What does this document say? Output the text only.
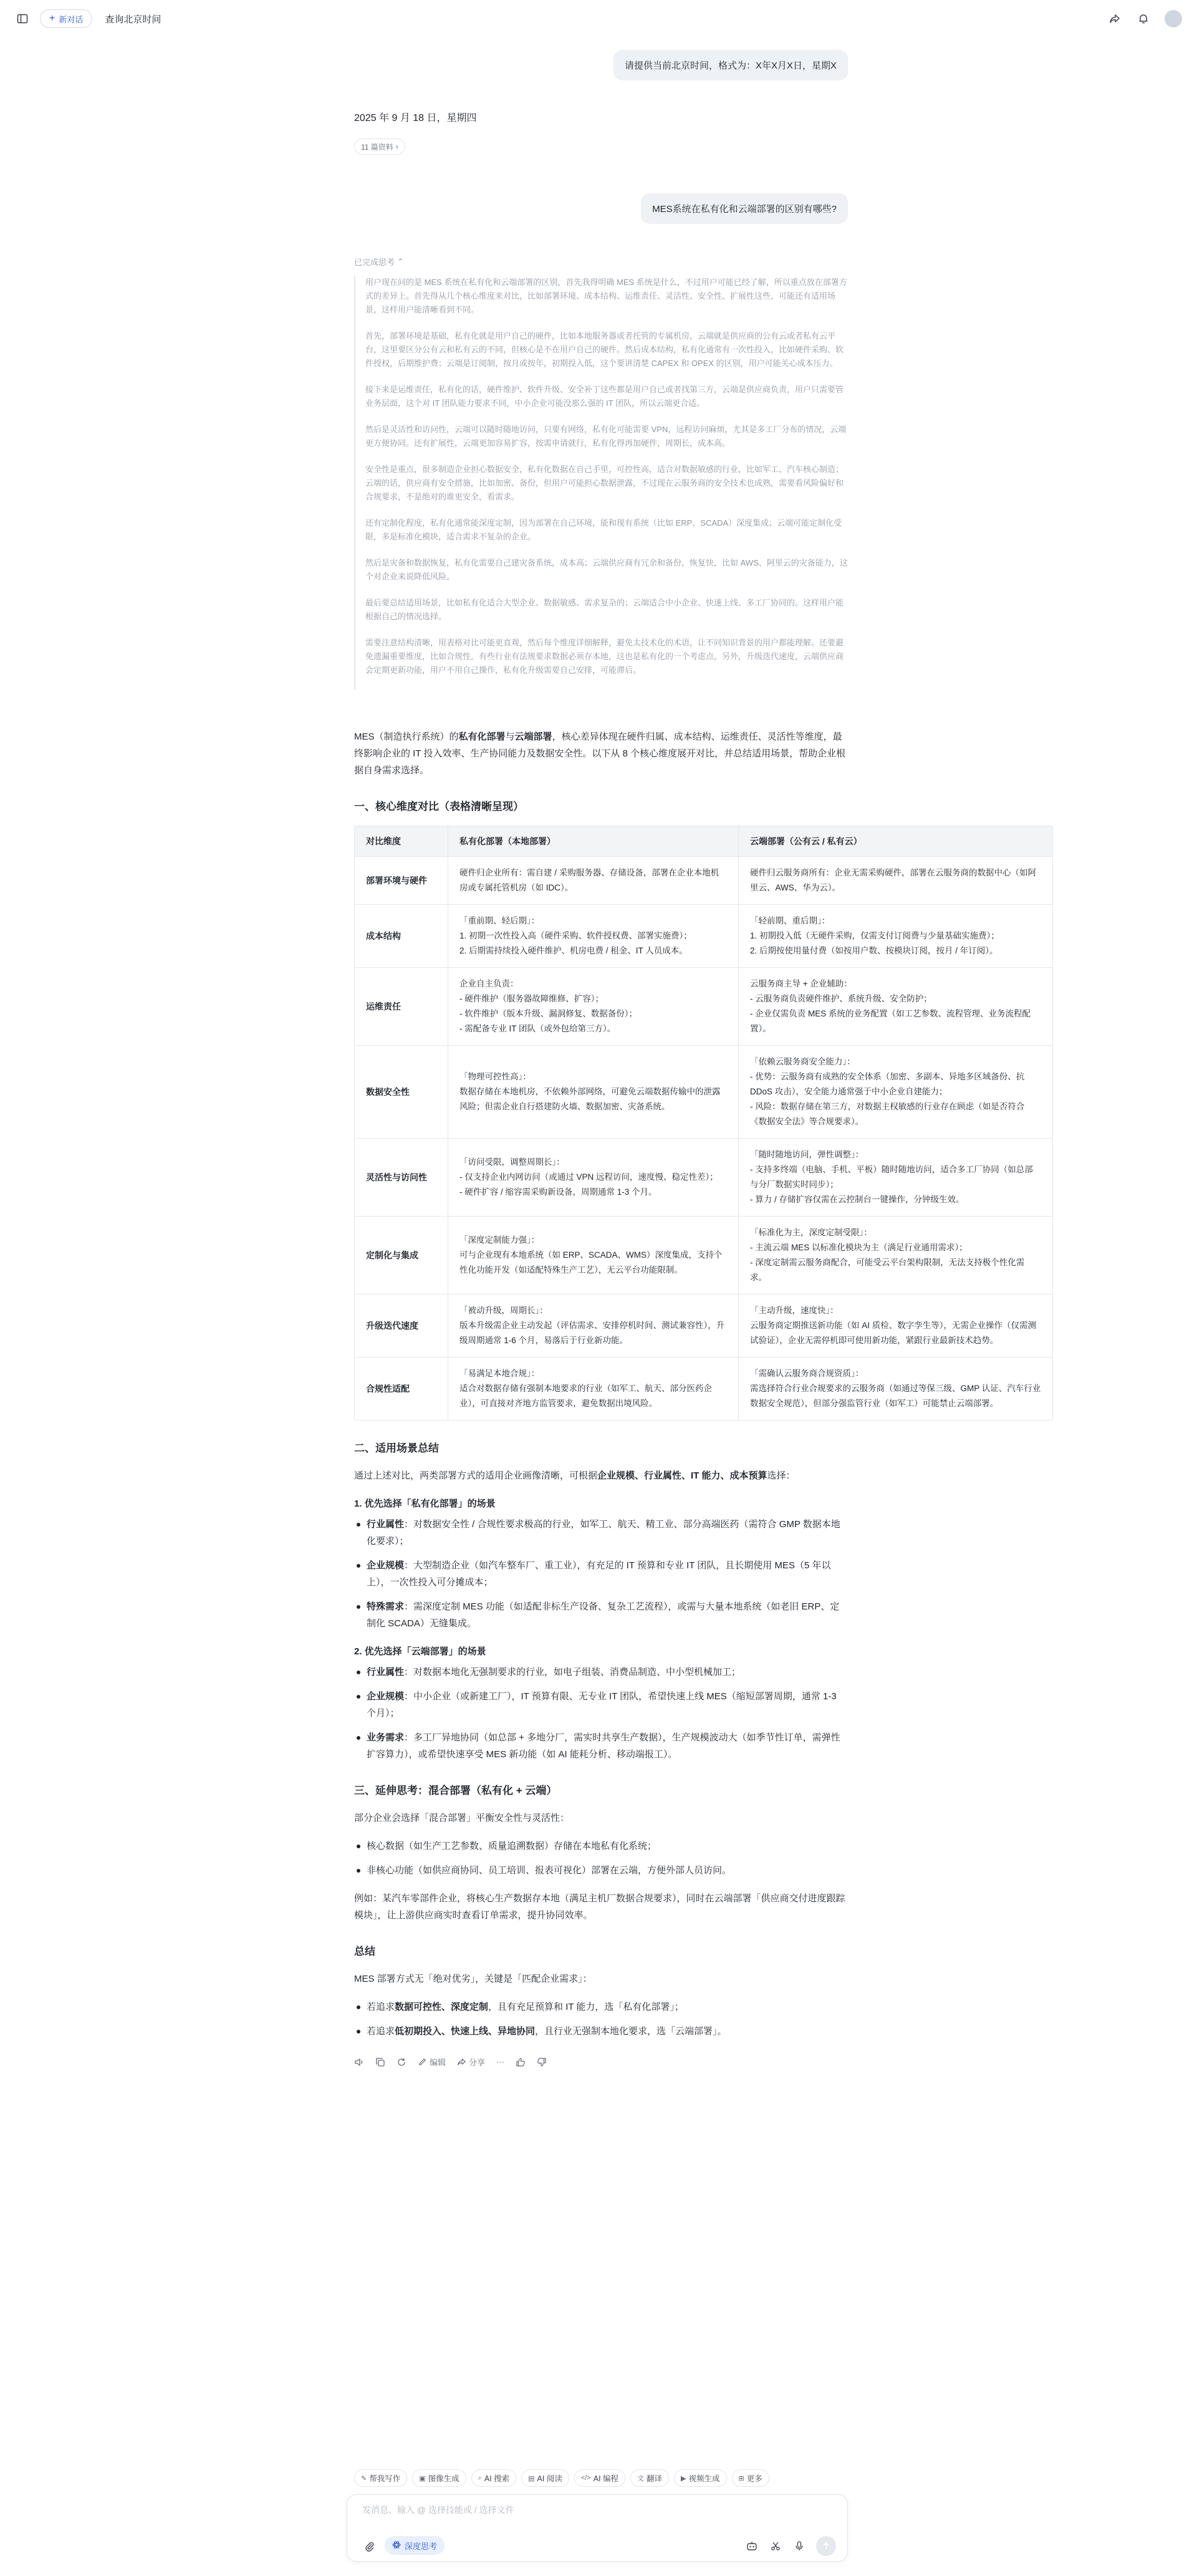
+ 新对话 查询北京时间
请提供当前北京时间，格式为：X年X月X日，星期X
2025 年 9 月 18 日，星期四
11 篇资料 ›
MES系统在私有化和云端部署的区别有哪些?
已完成思考 ⌃

用户现在问的是 MES 系统在私有化和云端部署的区别，首先我得明确 MES 系统是什么，不过用户可能已经了解，所以重点放在部署方式的差异上。首先得从几个核心维度来对比，比如部署环境、成本结构、运维责任、灵活性、安全性、扩展性这些，可能还有适用场景，这样用户能清晰看到不同。

首先，部署环境是基础，私有化就是用户自己的硬件，比如本地服务器或者托管的专属机房，云端就是供应商的公有云或者私有云平台，这里要区分公有云和私有云的不同，但核心是不在用户自己的硬件。然后成本结构，私有化通常有一次性投入，比如硬件采购、软件授权，后期维护费；云端是订阅制，按月或按年，初期投入低，这个要讲清楚 CAPEX 和 OPEX 的区别，用户可能关心成本压力。

接下来是运维责任，私有化的话，硬件维护、软件升级、安全补丁这些都是用户自己或者找第三方，云端是供应商负责，用户只需要管业务层面，这个对 IT 团队能力要求不同，中小企业可能没那么强的 IT 团队，所以云端更合适。

然后是灵活性和访问性，云端可以随时随地访问，只要有网络，私有化可能需要 VPN，远程访问麻烦，尤其是多工厂分布的情况，云端更方便协同。还有扩展性，云端更加容易扩容，按需申请就行，私有化得再加硬件，周期长，成本高。

安全性是重点，很多制造企业担心数据安全，私有化数据在自己手里，可控性高，适合对数据敏感的行业，比如军工、汽车核心制造；云端的话，供应商有安全措施，比如加密、备份，但用户可能担心数据泄露，不过现在云服务商的安全技术也成熟，需要看风险偏好和合规要求，不是绝对的谁更安全，看需求。

还有定制化程度，私有化通常能深度定制，因为部署在自己环境，能和现有系统（比如 ERP、SCADA）深度集成；云端可能定制化受限，多是标准化模块，适合需求不复杂的企业。

然后是灾备和数据恢复，私有化需要自己建灾备系统，成本高；云端供应商有冗余和备份，恢复快，比如 AWS、阿里云的灾备能力，这个对企业来说降低风险。

最后要总结适用场景，比如私有化适合大型企业、数据敏感、需求复杂的；云端适合中小企业、快速上线、多工厂协同的。这样用户能根据自己的情况选择。

需要注意结构清晰，用表格对比可能更直观，然后每个维度详细解释，避免太技术化的术语，让不同知识背景的用户都能理解。还要避免遗漏重要维度，比如合规性，有些行业有法规要求数据必须存本地，这也是私有化的一个考虑点。另外，升级迭代速度，云端供应商会定期更新功能，用户不用自己操作，私有化升级需要自己安排，可能滞后。

MES（制造执行系统）的私有化部署与云端部署，核心差异体现在硬件归属、成本结构、运维责任、灵活性等维度，最终影响企业的 IT 投入效率、生产协同能力及数据安全性。以下从 8 个核心维度展开对比，并总结适用场景，帮助企业根据自身需求选择。
一、核心维度对比（表格清晰呈现）
对比维度	私有化部署（本地部署）	云端部署（公有云 / 私有云）
部署环境与硬件	硬件归企业所有：需自建 / 采购服务器、存储设备，部署在企业本地机房或专属托管机房（如 IDC）。	硬件归云服务商所有：企业无需采购硬件，部署在云服务商的数据中心（如阿里云、AWS、华为云）。
成本结构	「重前期、轻后期」：
1. 初期一次性投入高（硬件采购、软件授权费、部署实施费）；
2. 后期需持续投入硬件维护、机房电费 / 租金、IT 人员成本。	「轻前期、重后期」：
1. 初期投入低（无硬件采购，仅需支付订阅费与少量基础实施费）；
2. 后期按使用量付费（如按用户数、按模块订阅，按月 / 年订阅）。
运维责任	企业自主负责：
- 硬件维护（服务器故障维修、扩容）；
- 软件维护（版本升级、漏洞修复、数据备份）；
- 需配备专业 IT 团队（或外包给第三方）。	云服务商主导 + 企业辅助：
- 云服务商负责硬件维护、系统升级、安全防护；
- 企业仅需负责 MES 系统的业务配置（如工艺参数、流程管理、业务流程配置）。
数据安全性	「物理可控性高」：
数据存储在本地机房，不依赖外部网络，可避免云端数据传输中的泄露风险；但需企业自行搭建防火墙、数据加密、灾备系统。	「依赖云服务商安全能力」：
- 优势：云服务商有成熟的安全体系（加密、多副本、异地多区域备份、抗 DDoS 攻击），安全能力通常强于中小企业自建能力；
- 风险：数据存储在第三方，对数据主权敏感的行业存在顾虑（如是否符合《数据安全法》等合规要求）。
灵活性与访问性	「访问受限，调整周期长」：
- 仅支持企业内网访问（或通过 VPN 远程访问，速度慢、稳定性差）；
- 硬件扩容 / 缩容需采购新设备，周期通常 1-3 个月。	「随时随地访问，弹性调整」：
- 支持多终端（电脑、手机、平板）随时随地访问，适合多工厂协同（如总部与分厂数据实时同步）；
- 算力 / 存储扩容仅需在云控制台一键操作，分钟级生效。
定制化与集成	「深度定制能力强」：
可与企业现有本地系统（如 ERP、SCADA、WMS）深度集成，支持个性化功能开发（如适配特殊生产工艺），无云平台功能限制。	「标准化为主，深度定制受限」：
- 主流云端 MES 以标准化模块为主（满足行业通用需求）；
- 深度定制需云服务商配合，可能受云平台架构限制，无法支持极个性化需求。
升级迭代速度	「被动升级，周期长」：
版本升级需企业主动发起（评估需求、安排停机时间、测试兼容性），升级周期通常 1-6 个月，易落后于行业新功能。	「主动升级，速度快」：
云服务商定期推送新功能（如 AI 质检、数字孪生等），无需企业操作（仅需测试验证），企业无需停机即可使用新功能，紧跟行业最新技术趋势。
合规性适配	「易满足本地合规」：
适合对数据存储有强制本地要求的行业（如军工、航天、部分医药企业），可直接对齐地方监管要求，避免数据出境风险。	「需确认云服务商合规资质」：
需选择符合行业合规要求的云服务商（如通过等保三级、GMP 认证、汽车行业数据安全规范），但部分强监管行业（如军工）可能禁止云端部署。
二、适用场景总结
通过上述对比，两类部署方式的适用企业画像清晰，可根据企业规模、行业属性、IT 能力、成本预算选择：
1. 优先选择「私有化部署」的场景
行业属性：对数据安全性 / 合规性要求极高的行业，如军工、航天、精工业、部分高端医药（需符合 GMP 数据本地化要求）；
企业规模：大型制造企业（如汽车整车厂、重工业），有充足的 IT 预算和专业 IT 团队，且长期使用 MES（5 年以上），一次性投入可分摊成本；
特殊需求：需深度定制 MES 功能（如适配非标生产设备、复杂工艺流程），或需与大量本地系统（如老旧 ERP、定制化 SCADA）无缝集成。
2. 优先选择「云端部署」的场景
行业属性：对数据本地化无强制要求的行业，如电子组装、消费品制造、中小型机械加工；
企业规模：中小企业（或新建工厂），IT 预算有限、无专业 IT 团队，希望快速上线 MES（缩短部署周期，通常 1-3 个月）；
业务需求：多工厂异地协同（如总部 + 多地分厂，需实时共享生产数据），生产规模波动大（如季节性订单，需弹性扩容算力），或希望快速享受 MES 新功能（如 AI 能耗分析、移动端报工）。
三、延伸思考：混合部署（私有化 + 云端）
部分企业会选择「混合部署」平衡安全性与灵活性：
核心数据（如生产工艺参数、质量追溯数据）存储在本地私有化系统；
非核心功能（如供应商协同、员工培训、报表可视化）部署在云端，方便外部人员访问。
例如：某汽车零部件企业，将核心生产数据存本地（满足主机厂数据合规要求），同时在云端部署「供应商交付进度跟踪模块」，让上游供应商实时查看订单需求，提升协同效率。
总结
MES 部署方式无「绝对优劣」，关键是「匹配企业需求」：
若追求数据可控性、深度定制，且有充足预算和 IT 能力，选「私有化部署」；
若追求低初期投入、快速上线、异地协同，且行业无强制本地化要求，选「云端部署」。
编辑	分享 ···
✎ 帮我写作	▣ 图像生成	⌕ AI 搜索	▤ AI 阅读	</> AI 编程	文 翻译	▶ 视频生成	⊞ 更多
发消息、输入 @ 选择技能或 / 选择文件
深度思考
